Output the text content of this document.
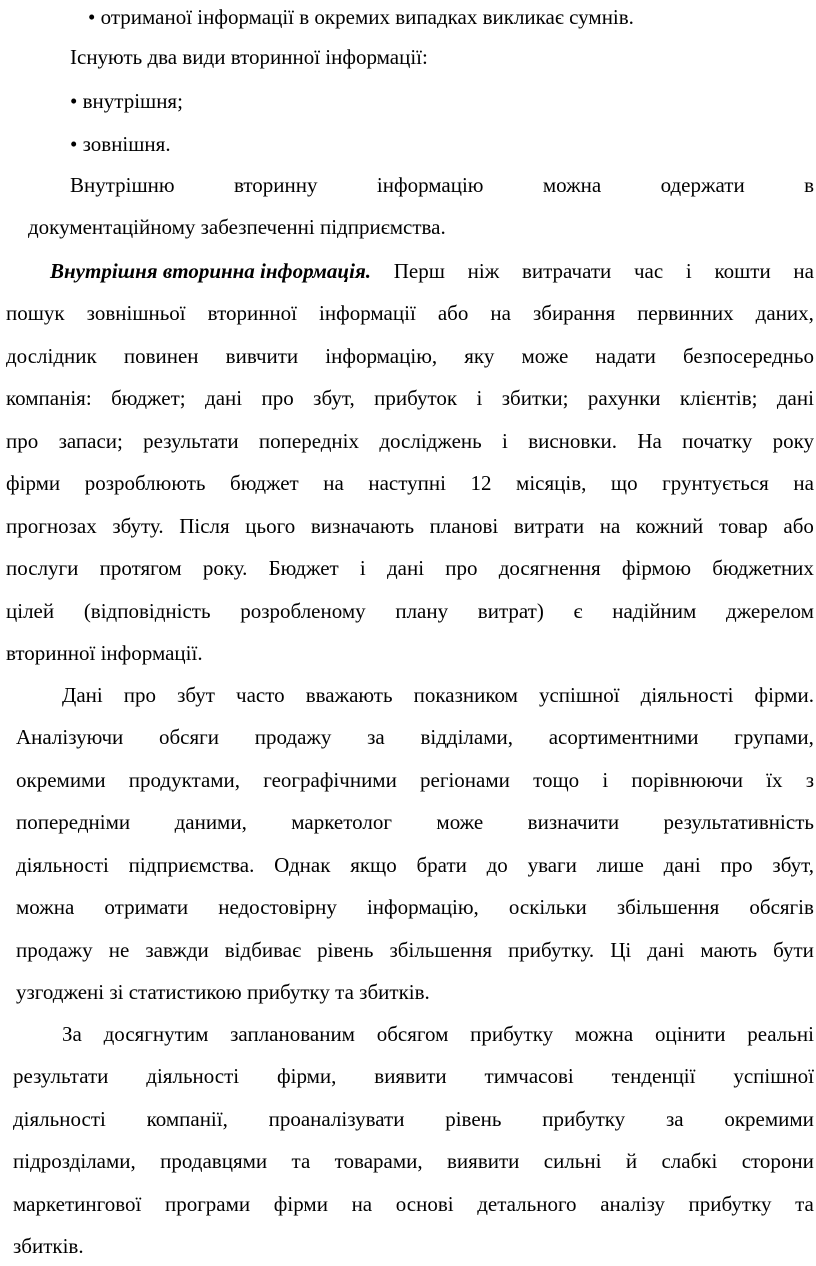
• отриманої інформації в окремих випадках викликає сумнів.
Існують два види вторинної інформації:
• внутрішня;
• зовнішня.
Внутрішню	вторинну	інформацію	можна	одержати	в
документаційному забезпеченні підприємства.
Внутрішня вторинна інформація. Перш ніж витрачати час і кошти на
пошук зовнішньої вторинної інформації або на збирання первинних даних,
дослідник повинен вивчити інформацію, яку може надати безпосередньо
компанія: бюджет; дані про збут, прибуток і збитки; рахунки клієнтів; дані
про запаси; результати попередніх досліджень і висновки. На початку року
фірми розроблюють бюджет на наступні 12 місяців, що грунтується на
прогнозах збуту. Після цього визначають планові витрати на кожний товар або
послуги протягом року. Бюджет і дані про досягнення фірмою бюджетних
цілей (відповідність розробленому плану витрат) є надійним джерелом
вторинної інформації.
Дані про збут часто вважають показником успішної діяльності фірми.
Аналізуючи обсяги продажу за відділами, асортиментними групами,
окремими продуктами, географічними регіонами тощо і порівнюючи їх з
попередніми даними, маркетолог може визначити результативність
діяльності підприємства. Однак якщо брати до уваги лише дані про збут,
можна отримати недостовірну інформацію, оскільки збільшення обсягів
продажу не завжди відбиває рівень збільшення прибутку. Ці дані мають бути
узгоджені зі статистикою прибутку та збитків.
За досягнутим запланованим обсягом прибутку можна оцінити реальні
результати діяльності фірми, виявити тимчасові тенденції успішної
діяльності компанії, проаналізувати рівень прибутку за окремими
підрозділами, продавцями та товарами, виявити сильні й слабкі сторони
маркетингової програми фірми на основі детального аналізу прибутку та
збитків.
